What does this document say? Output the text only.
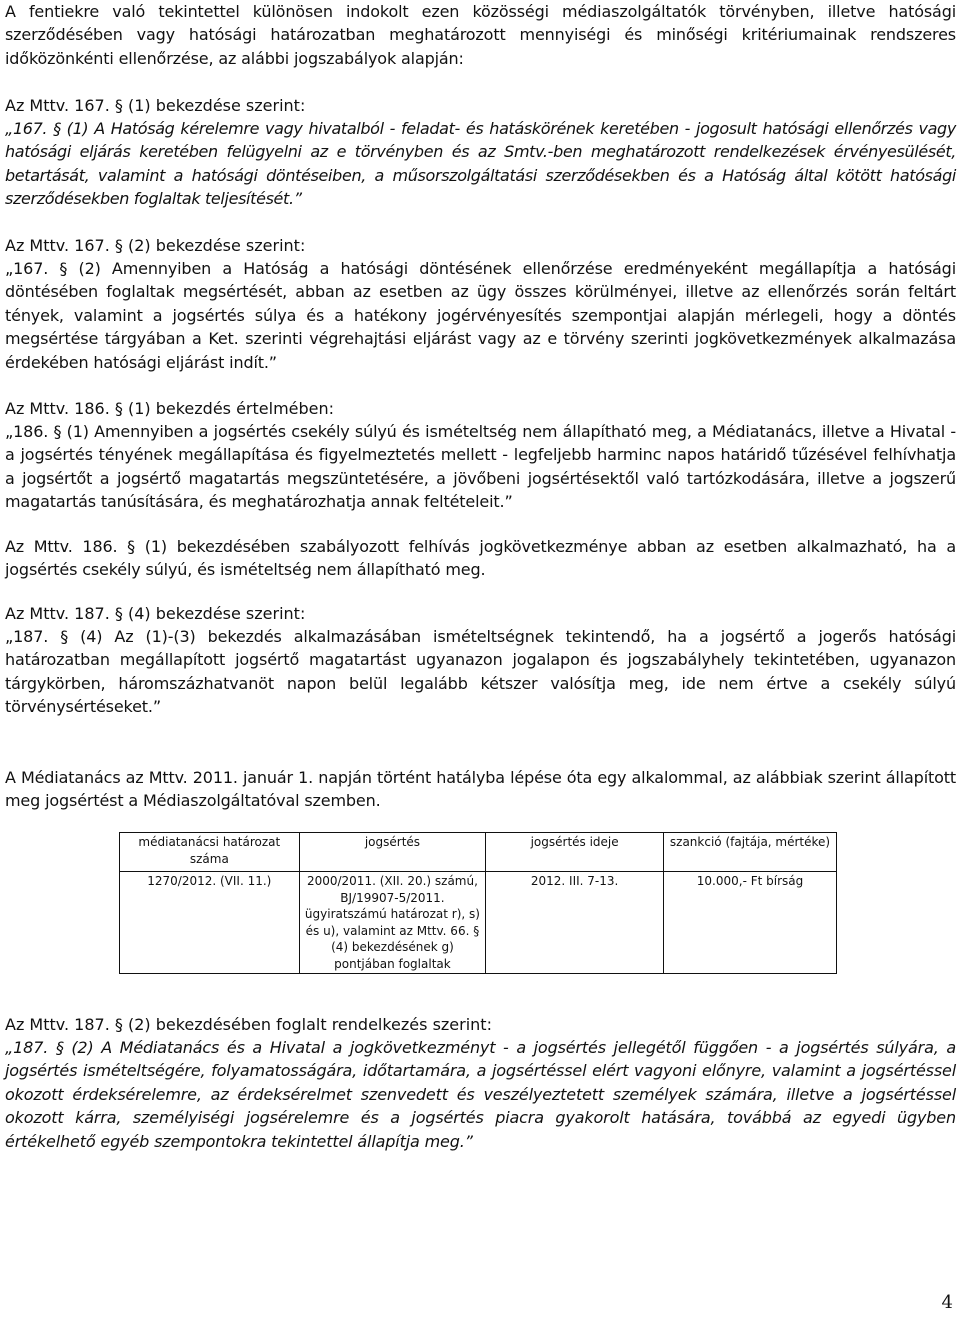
A fentiekre való tekintettel különösen indokolt ezen közösségi médiaszolgáltatók törvényben, illetve hatósági szerződésében vagy hatósági határozatban meghatározott mennyiségi és minőségi kritériumainak rendszeres időközönkénti ellenőrzése, az alábbi jogszabályok alapján:

Az Mttv. 167. § (1) bekezdése szerint:

„167. § (1) A Hatóság kérelemre vagy hivatalból - feladat- és hatáskörének keretében - jogosult hatósági ellenőrzés vagy hatósági eljárás keretében felügyelni az e törvényben és az Smtv.-ben meghatározott rendelkezések érvényesülését, betartását, valamint a hatósági döntéseiben, a műsorszolgáltatási szerződésekben és a Hatóság által kötött hatósági szerződésekben foglaltak teljesítését.”

Az Mttv. 167. § (2) bekezdése szerint:

„167. § (2) Amennyiben a Hatóság a hatósági döntésének ellenőrzése eredményeként megállapítja a hatósági döntésében foglaltak megsértését, abban az esetben az ügy összes körülményei, illetve az ellenőrzés során feltárt tények, valamint a jogsértés súlya és a hatékony jogérvényesítés szempontjai alapján mérlegeli, hogy a döntés megsértése tárgyában a Ket. szerinti végrehajtási eljárást vagy az e törvény szerinti jogkövetkezmények alkalmazása érdekében hatósági eljárást indít.”

Az Mttv. 186. § (1) bekezdés értelmében:

„186. § (1) Amennyiben a jogsértés csekély súlyú és ismételtség nem állapítható meg, a Médiatanács, illetve a Hivatal - a jogsértés tényének megállapítása és figyelmeztetés mellett - legfeljebb harminc napos határidő tűzésével felhívhatja a jogsértőt a jogsértő magatartás megszüntetésére, a jövőbeni jogsértésektől való tartózkodására, illetve a jogszerű magatartás tanúsítására, és meghatározhatja annak feltételeit.”

Az Mttv. 186. § (1) bekezdésében szabályozott felhívás jogkövetkezménye abban az esetben alkalmazható, ha a jogsértés csekély súlyú, és ismételtség nem állapítható meg.

Az Mttv. 187. § (4) bekezdése szerint:

„187. § (4) Az (1)-(3) bekezdés alkalmazásában ismételtségnek tekintendő, ha a jogsértő a jogerős hatósági határozatban megállapított jogsértő magatartást ugyanazon jogalapon és jogszabályhely tekintetében, ugyanazon tárgykörben, háromszázhatvanöt napon belül legalább kétszer valósítja meg, ide nem értve a csekély súlyú törvénysértéseket.”

A Médiatanács az Mttv. 2011. január 1. napján történt hatályba lépése óta egy alkalommal, az alábbiak szerint állapított meg jogsértést a Médiaszolgáltatóval szemben.

médiatanácsi határozat száma	jogsértés	jogsértés ideje	szankció (fajtája, mértéke)
1270/2012. (VII. 11.)	2000/2011. (XII. 20.) számú, BJ/19907-5/2011. ügyiratszámú határozat r), s) és u), valamint az Mttv. 66. § (4) bekezdésének g) pontjában foglaltak	2012. III. 7-13.	10.000,- Ft bírság

Az Mttv. 187. § (2) bekezdésében foglalt rendelkezés szerint:

„187. § (2) A Médiatanács és a Hivatal a jogkövetkezményt - a jogsértés jellegétől függően - a jogsértés súlyára, a jogsértés ismételtségére, folyamatosságára, időtartamára, a jogsértéssel elért vagyoni előnyre, valamint a jogsértéssel okozott érdeksérelemre, az érdeksérelmet szenvedett és veszélyeztetett személyek számára, illetve a jogsértéssel okozott kárra, személyiségi jogsérelemre és a jogsértés piacra gyakorolt hatására, továbbá az egyedi ügyben értékelhető egyéb szempontokra tekintettel állapítja meg.”

4
